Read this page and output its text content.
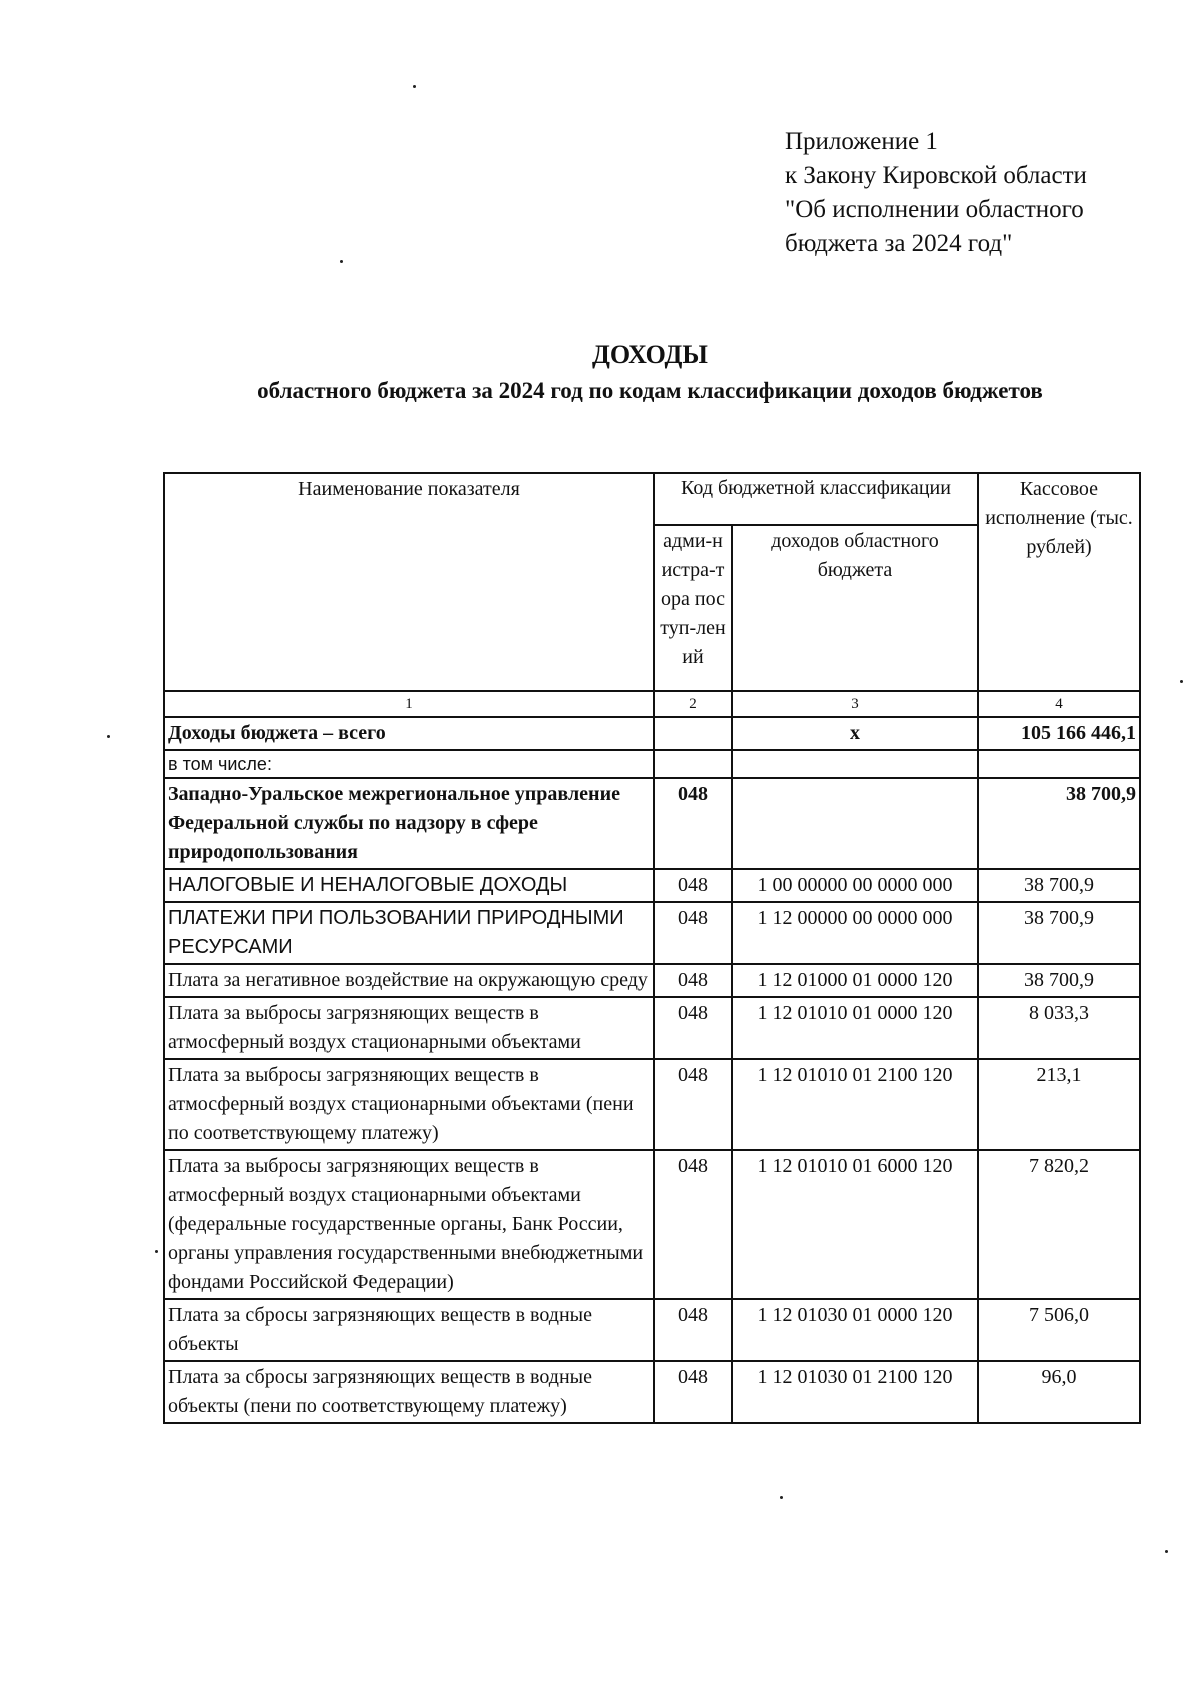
Приложение 1
к Закону Кировской области
"Об исполнении областного
бюджета за 2024 год"
ДОХОДЫ
областного бюджета за 2024 год по кодам классификации доходов бюджетов
Наименование показателя	Код бюджетной классификации		Кассовое исполнение (тыс. рублей)
	адми-нистра-тора поступ-лений	доходов областного бюджета	
1	2	3	4
Доходы бюджета – всего		х	105 166 446,1
в том числе:			
Западно-Уральское межрегиональное управление Федеральной службы по надзору в сфере природопользования	048		38 700,9
НАЛОГОВЫЕ И НЕНАЛОГОВЫЕ ДОХОДЫ	048	1 00 00000 00 0000 000	38 700,9
ПЛАТЕЖИ ПРИ ПОЛЬЗОВАНИИ ПРИРОДНЫМИ РЕСУРСАМИ	048	1 12 00000 00 0000 000	38 700,9
Плата за негативное воздействие на окружающую среду	048	1 12 01000 01 0000 120	38 700,9
Плата за выбросы загрязняющих веществ в атмосферный воздух стационарными объектами	048	1 12 01010 01 0000 120	8 033,3
Плата за выбросы загрязняющих веществ в атмосферный воздух стационарными объектами (пени по соответствующему платежу)	048	1 12 01010 01 2100 120	213,1
Плата за выбросы загрязняющих веществ в атмосферный воздух стационарными объектами (федеральные государственные органы, Банк России, органы управления государственными внебюджетными фондами Российской Федерации)	048	1 12 01010 01 6000 120	7 820,2
Плата за сбросы загрязняющих веществ в водные объекты	048	1 12 01030 01 0000 120	7 506,0
Плата за сбросы загрязняющих веществ в водные объекты (пени по соответствующему платежу)	048	1 12 01030 01 2100 120	96,0
